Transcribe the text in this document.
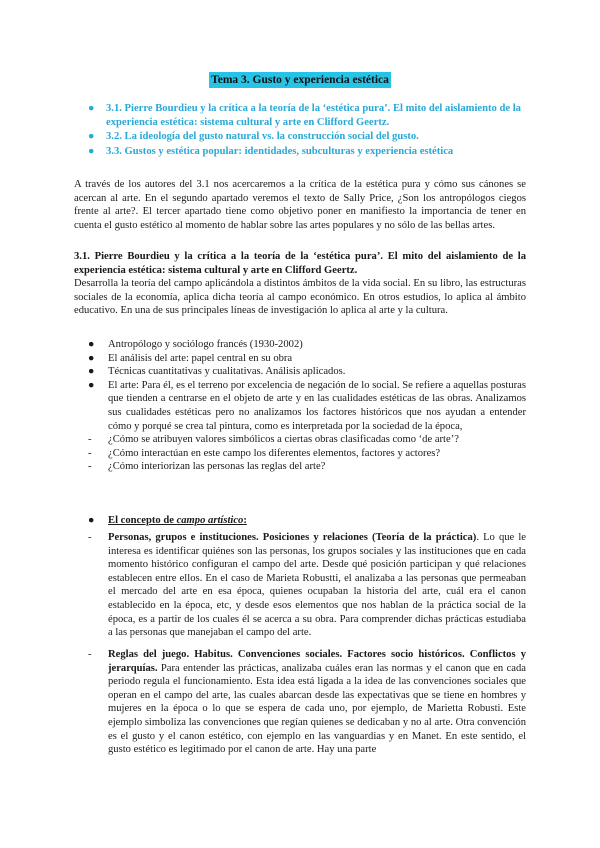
Tema 3. Gusto y experiencia estética
● 3.1. Pierre Bourdieu y la crítica a la teoría de la ‘estética pura’. El mito del aislamiento de la experiencia estética: sistema cultural y arte en Clifford Geertz.
● 3.2. La ideología del gusto natural vs. la construcción social del gusto.
● 3.3. Gustos y estética popular: identidades, subculturas y experiencia estética

A través de los autores del 3.1 nos acercaremos a la crítica de la estética pura y cómo sus cánones se acercan al arte. En el segundo apartado veremos el texto de Sally Price, ¿Son los antropólogos ciegos frente al arte?. El tercer apartado tiene como objetivo poner en manifiesto la importancia de tener en cuenta el gusto estético al momento de hablar sobre las artes populares y no sólo de las bellas artes.

3.1. Pierre Bourdieu y la crítica a la teoría de la ‘estética pura’. El mito del aislamiento de la experiencia estética: sistema cultural y arte en Clifford Geertz.

Desarrolla la teoría del campo aplicándola a distintos ámbitos de la vida social. En su libro, las estructuras sociales de la economía, aplica dicha teoría al campo económico. En otros estudios, lo aplica al ámbito educativo. En una de sus principales líneas de investigación lo aplica al arte y la cultura.

● Antropólogo y sociólogo francés (1930-2002)
● El análisis del arte: papel central en su obra
● Técnicas cuantitativas y cualitativas. Análisis aplicados.
● El arte: Para él, es el terreno por excelencia de negación de lo social. Se refiere a aquellas posturas que tienden a centrarse en el objeto de arte y en las cualidades estéticas de las obras. Analizamos sus cualidades estéticas pero no analizamos los factores históricos que nos ayudan a entender cómo y porqué se crea tal pintura, como es interpretada por la sociedad de la época,
- ¿Cómo se atribuyen valores simbólicos a ciertas obras clasificadas como ‘de arte’?
- ¿Cómo interactúan en este campo los diferentes elementos, factores y actores?
- ¿Cómo interiorizan las personas las reglas del arte?
● El concepto de campo artístico:
- Personas, grupos e instituciones. Posiciones y relaciones (Teoría de la práctica). Lo que le interesa es identificar quiénes son las personas, los grupos sociales y las instituciones que en cada momento histórico configuran el campo del arte. Desde qué posición participan y qué relaciones establecen entre ellos. En el caso de Marieta Robustti, el analizaba a las personas que permeaban el mercado del arte en esa época, quienes ocupaban la historia del arte, cuál era el canon establecido en la época, etc, y desde esos elementos que nos hablan de la práctica social de la época, es a partir de los cuales él se acerca a su obra. Para comprender dichas prácticas estudiaba a las personas que manejaban el campo del arte.
- Reglas del juego. Habitus. Convenciones sociales. Factores socio históricos. Conflictos y jerarquías. Para entender las prácticas, analizaba cuáles eran las normas y el canon que en cada periodo regula el funcionamiento. Esta idea está ligada a la idea de las convenciones sociales que operan en el campo del arte, las cuales abarcan desde las expectativas que se tiene en hombres y mujeres en la época o lo que se espera de cada uno, por ejemplo, de Marietta Robusti. Este ejemplo simboliza las convenciones que regían quienes se dedicaban y no al arte. Otra convención es el gusto y el canon estético, con ejemplo en las vanguardias y en Manet. En este sentido, el gusto estético es legitimado por el canon de arte. Hay una parte
